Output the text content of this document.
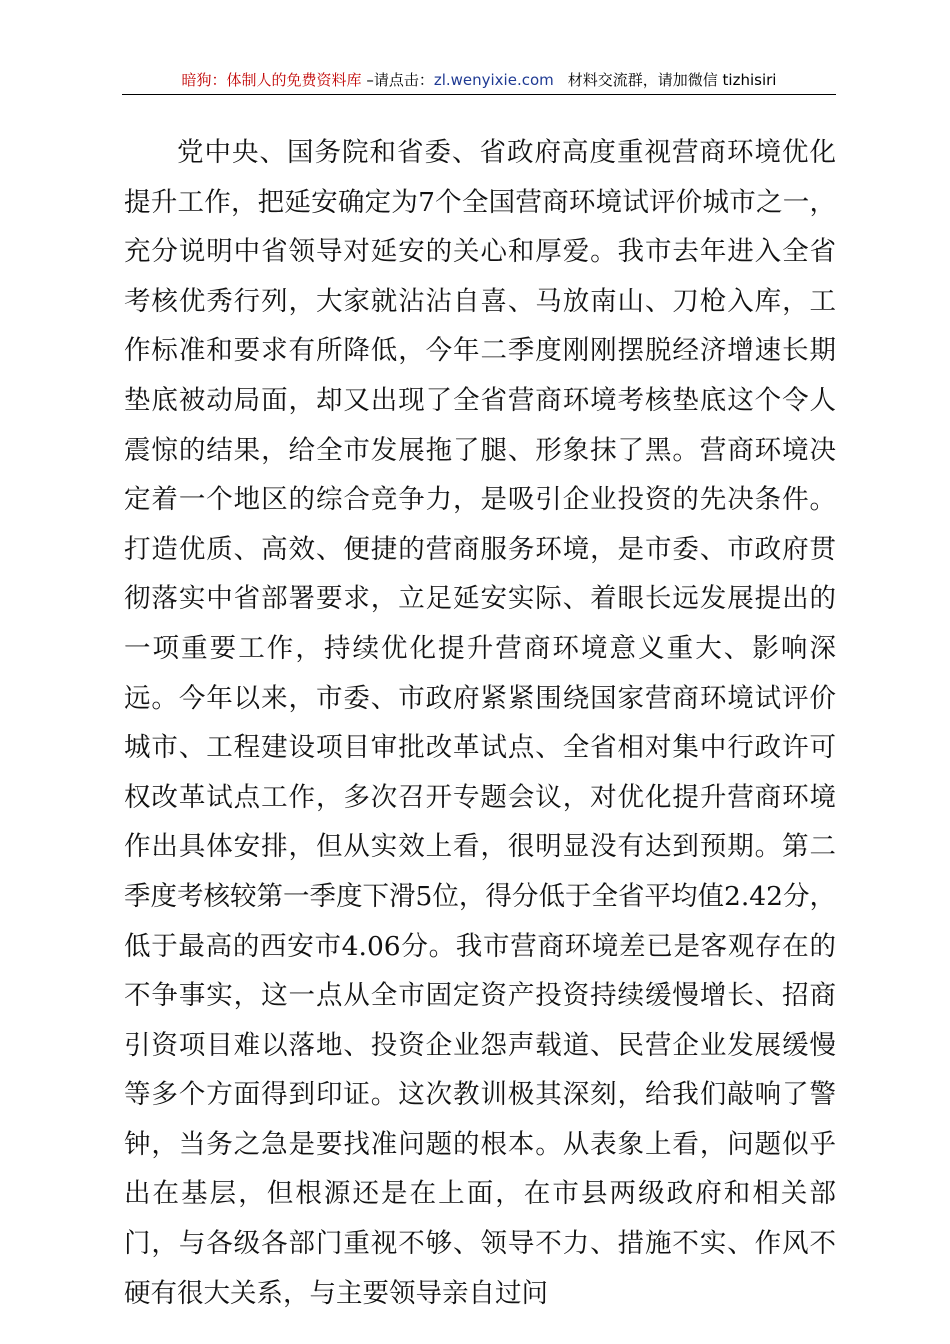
暗狗：体制人的免费资料库 –请点击：zl.wenyixie.com 材料交流群，请加微信 tizhisiri

党中央、国务院和省委、省政府高度重视营商环境优化提升工作，把延安确定为7个全国营商环境试评价城市之一，充分说明中省领导对延安的关心和厚爱。我市去年进入全省考核优秀行列，大家就沾沾自喜、马放南山、刀枪入库，工作标准和要求有所降低，今年二季度刚刚摆脱经济增速长期垫底被动局面，却又出现了全省营商环境考核垫底这个令人震惊的结果，给全市发展拖了腿、形象抹了黑。营商环境决定着一个地区的综合竞争力，是吸引企业投资的先决条件。打造优质、高效、便捷的营商服务环境，是市委、市政府贯彻落实中省部署要求，立足延安实际、着眼长远发展提出的一项重要工作，持续优化提升营商环境意义重大、影响深远。今年以来，市委、市政府紧紧围绕国家营商环境试评价城市、工程建设项目审批改革试点、全省相对集中行政许可权改革试点工作，多次召开专题会议，对优化提升营商环境作出具体安排，但从实效上看，很明显没有达到预期。第二季度考核较第一季度下滑5位，得分低于全省平均值2.42分，低于最高的西安市4.06分。我市营商环境差已是客观存在的不争事实，这一点从全市固定资产投资持续缓慢增长、招商引资项目难以落地、投资企业怨声载道、民营企业发展缓慢等多个方面得到印证。这次教训极其深刻，给我们敲响了警钟，当务之急是要找准问题的根本。从表象上看，问题似乎出在基层，但根源还是在上面，在市县两级政府和相关部门，与各级各部门重视不够、领导不力、措施不实、作风不硬有很大关系，与主要领导亲自过问
